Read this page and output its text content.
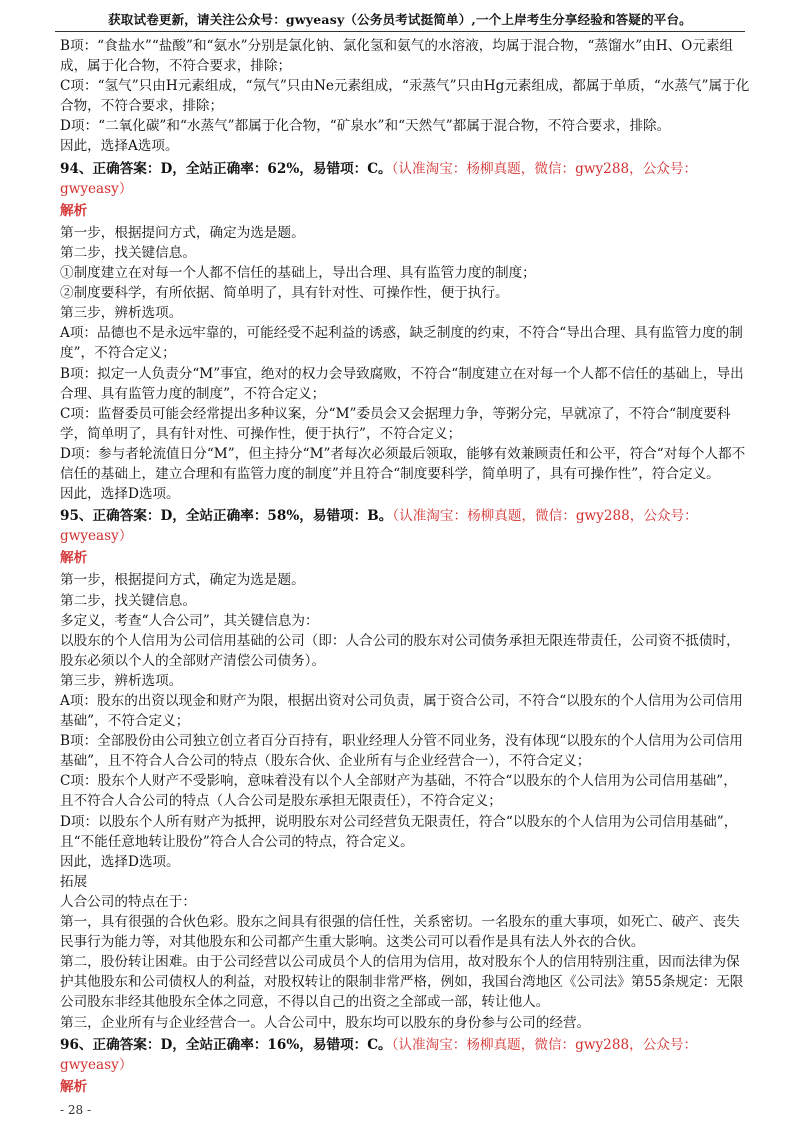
获取试卷更新，请关注公众号：gwyeasy（公务员考试挺简单）,一个上岸考生分享经验和答疑的平台。

B项：“食盐水”“盐酸”和“氨水”分别是氯化钠、氯化氢和氨气的水溶液，均属于混合物，“蒸馏水”由H、O元素组成，属于化合物，不符合要求，排除；

C项：“氢气”只由H元素组成，“氖气”只由Ne元素组成，“汞蒸气”只由Hg元素组成，都属于单质，“水蒸气”属于化合物，不符合要求，排除；

D项：“二氧化碳”和“水蒸气”都属于化合物，“矿泉水”和“天然气”都属于混合物，不符合要求，排除。

因此，选择A选项。

94、正确答案：D，全站正确率：62%，易错项：C。（认准淘宝：杨柳真题，微信：gwy288，公众号：gwyeasy）

解析

第一步，根据提问方式，确定为选是题。

第二步，找关键信息。

①制度建立在对每一个人都不信任的基础上，导出合理、具有监管力度的制度；

②制度要科学，有所依据、简单明了，具有针对性、可操作性，便于执行。

第三步，辨析选项。

A项：品德也不是永远牢靠的，可能经受不起利益的诱惑，缺乏制度的约束，不符合“导出合理、具有监管力度的制度”，不符合定义；

B项：拟定一人负责分“M”事宜，绝对的权力会导致腐败，不符合“制度建立在对每一个人都不信任的基础上，导出合理、具有监管力度的制度”，不符合定义；

C项：监督委员可能会经常提出多种议案，分“M”委员会又会据理力争，等粥分完，早就凉了，不符合“制度要科学，简单明了，具有针对性、可操作性，便于执行”，不符合定义；

D项：参与者轮流值日分“M”，但主持分“M”者每次必须最后领取，能够有效兼顾责任和公平，符合“对每个人都不信任的基础上，建立合理和有监管力度的制度”并且符合“制度要科学，简单明了，具有可操作性”，符合定义。

因此，选择D选项。

95、正确答案：D，全站正确率：58%，易错项：B。（认准淘宝：杨柳真题，微信：gwy288，公众号：gwyeasy）

解析

第一步，根据提问方式，确定为选是题。

第二步，找关键信息。

多定义，考查“人合公司”，其关键信息为：

以股东的个人信用为公司信用基础的公司（即：人合公司的股东对公司债务承担无限连带责任，公司资不抵债时，股东必须以个人的全部财产清偿公司债务）。

第三步，辨析选项。

A项：股东的出资以现金和财产为限，根据出资对公司负责，属于资合公司，不符合“以股东的个人信用为公司信用基础”，不符合定义；

B项：全部股份由公司独立创立者百分百持有，职业经理人分管不同业务，没有体现“以股东的个人信用为公司信用基础”，且不符合人合公司的特点（股东合伙、企业所有与企业经营合一），不符合定义；

C项：股东个人财产不受影响，意味着没有以个人全部财产为基础，不符合“以股东的个人信用为公司信用基础”，且不符合人合公司的特点（人合公司是股东承担无限责任），不符合定义；

D项：以股东个人所有财产为抵押，说明股东对公司经营负无限责任，符合“以股东的个人信用为公司信用基础”，且“不能任意地转让股份”符合人合公司的特点，符合定义。

因此，选择D选项。

拓展

人合公司的特点在于：

第一，具有很强的合伙色彩。股东之间具有很强的信任性，关系密切。一名股东的重大事项，如死亡、破产、丧失民事行为能力等，对其他股东和公司都产生重大影响。这类公司可以看作是具有法人外衣的合伙。

第二，股份转让困难。由于公司经营以公司成员个人的信用为信用，故对股东个人的信用特别注重，因而法律为保护其他股东和公司债权人的利益，对股权转让的限制非常严格，例如，我国台湾地区《公司法》第55条规定：无限公司股东非经其他股东全体之同意，不得以自己的出资之全部或一部，转让他人。

第三，企业所有与企业经营合一。人合公司中，股东均可以股东的身份参与公司的经营。

96、正确答案：D，全站正确率：16%，易错项：C。（认准淘宝：杨柳真题，微信：gwy288，公众号：gwyeasy）

解析

- 28 -
